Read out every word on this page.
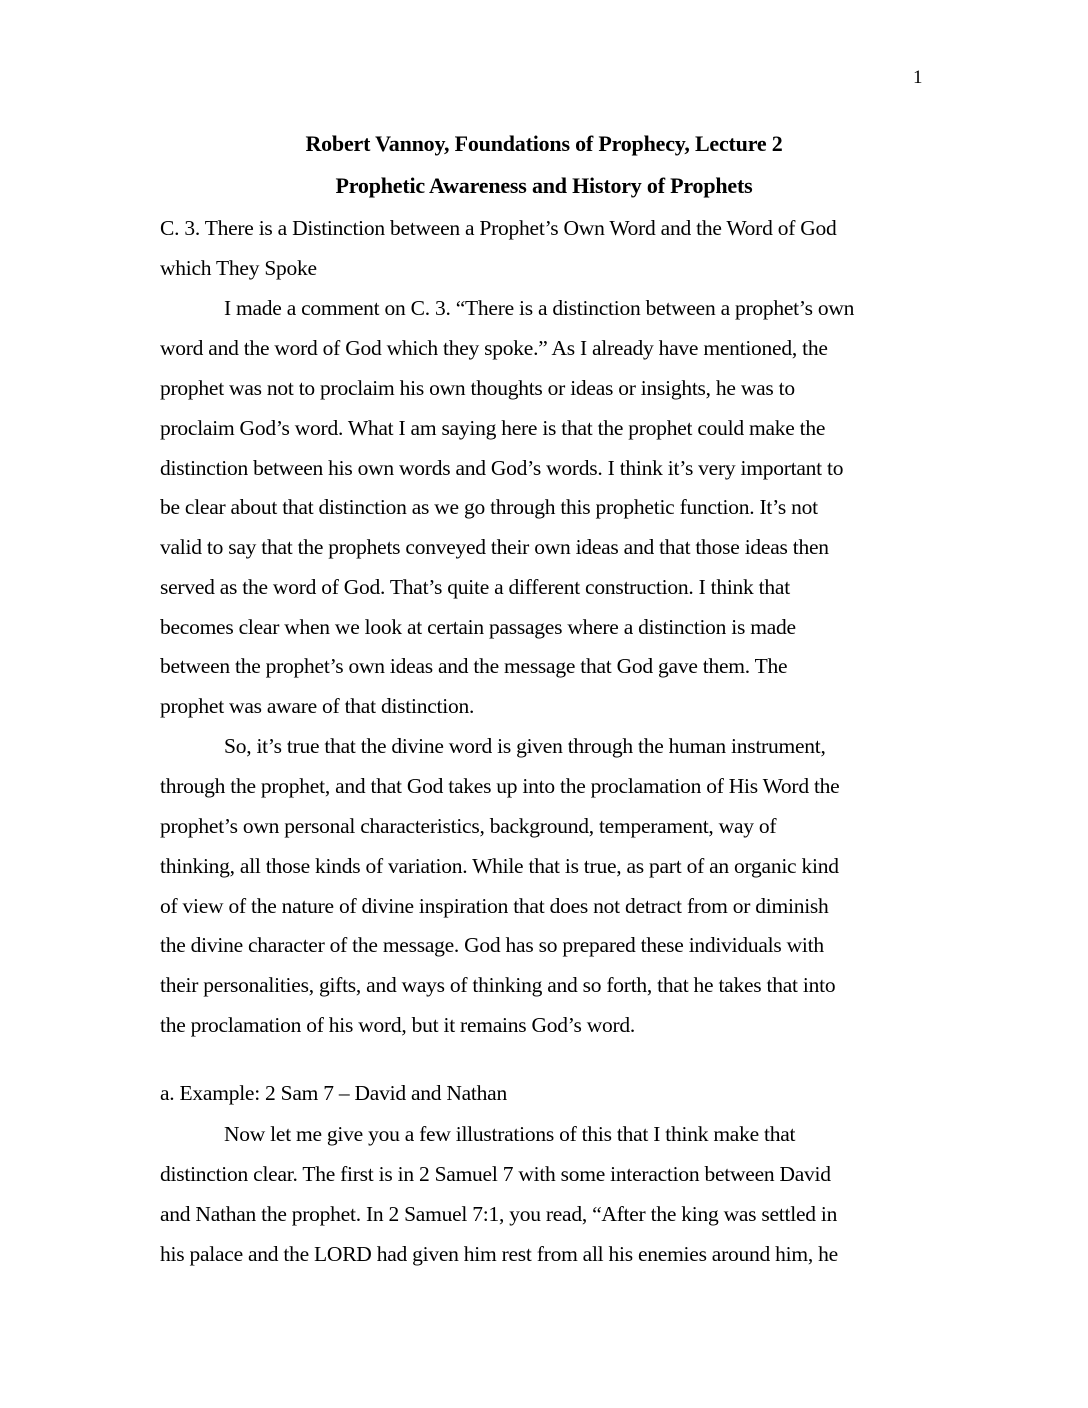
1
Robert Vannoy, Foundations of Prophecy, Lecture 2
Prophetic Awareness and History of Prophets
C. 3. There is a Distinction between a Prophet’s Own Word and the Word of God
which They Spoke
I made a comment on C. 3. “There is a distinction between a prophet’s own
word and the word of God which they spoke.” As I already have mentioned, the
prophet was not to proclaim his own thoughts or ideas or insights, he was to
proclaim God’s word. What I am saying here is that the prophet could make the
distinction between his own words and God’s words. I think it’s very important to
be clear about that distinction as we go through this prophetic function. It’s not
valid to say that the prophets conveyed their own ideas and that those ideas then
served as the word of God. That’s quite a different construction. I think that
becomes clear when we look at certain passages where a distinction is made
between the prophet’s own ideas and the message that God gave them. The
prophet was aware of that distinction.
So, it’s true that the divine word is given through the human instrument,
through the prophet, and that God takes up into the proclamation of His Word the
prophet’s own personal characteristics, background, temperament, way of
thinking, all those kinds of variation. While that is true, as part of an organic kind
of view of the nature of divine inspiration that does not detract from or diminish
the divine character of the message. God has so prepared these individuals with
their personalities, gifts, and ways of thinking and so forth, that he takes that into
the proclamation of his word, but it remains God’s word.
a. Example: 2 Sam 7 – David and Nathan
Now let me give you a few illustrations of this that I think make that
distinction clear. The first is in 2 Samuel 7 with some interaction between David
and Nathan the prophet. In 2 Samuel 7:1, you read, “After the king was settled in
his palace and the LORD had given him rest from all his enemies around him, he
